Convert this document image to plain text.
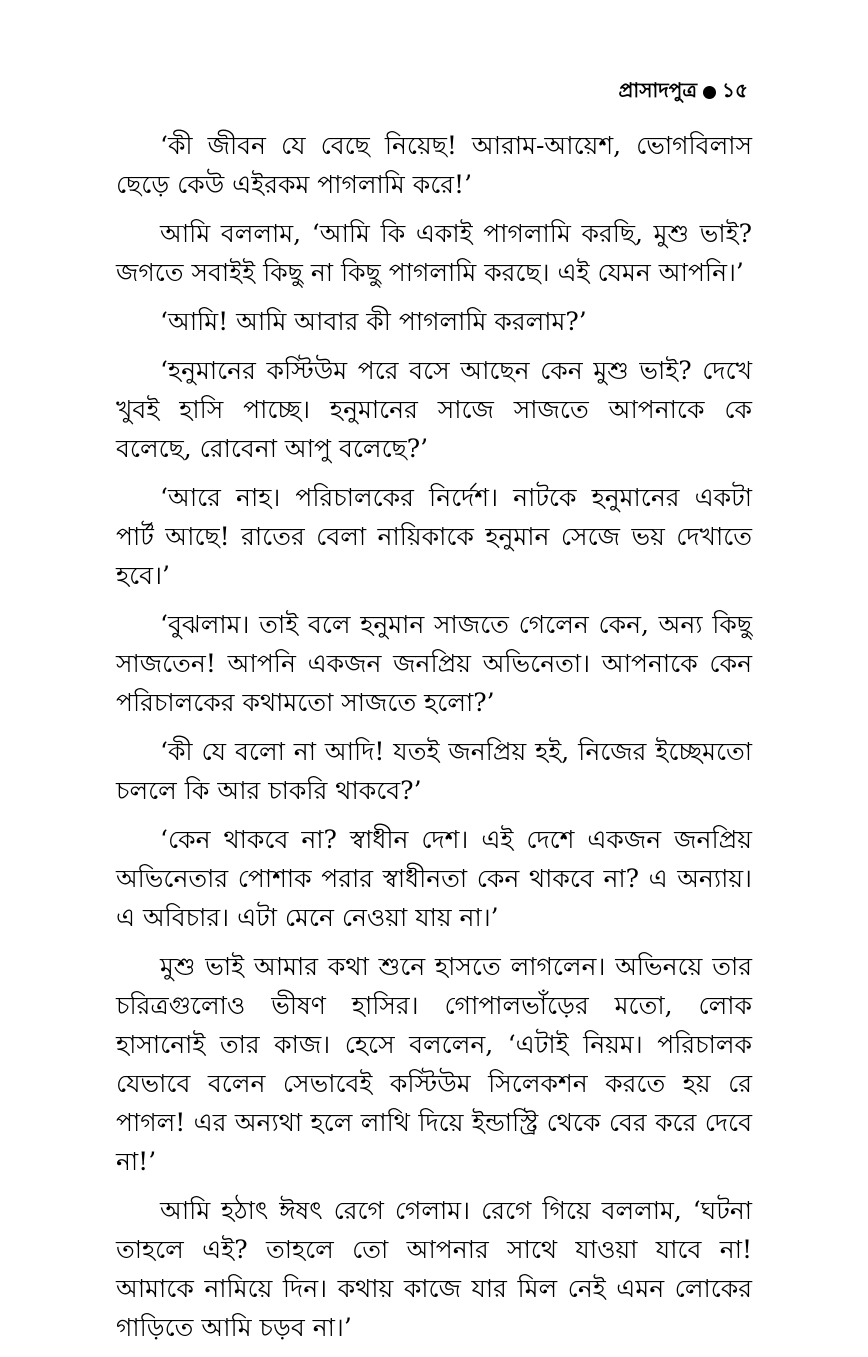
প্রাসাদপুত্র ১৫

‘কী জীবন যে বেছে নিয়েছ! আরাম-আয়েশ, ভোগবিলাস ছেড়ে কেউ এইরকম পাগলামি করে!’

আমি বললাম, ‘আমি কি একাই পাগলামি করছি, মুশু ভাই? জগতে সবাইই কিছু না কিছু পাগলামি করছে। এই যেমন আপনি।’

‘আমি! আমি আবার কী পাগলামি করলাম?’

‘হনুমানের কস্টিউম পরে বসে আছেন কেন মুশু ভাই? দেখে খুবই হাসি পাচ্ছে। হনুমানের সাজে সাজতে আপনাকে কে বলেছে, রোবেনা আপু বলেছে?’

‘আরে নাহ। পরিচালকের নির্দেশ। নাটকে হনুমানের একটা পার্ট আছে! রাতের বেলা নায়িকাকে হনুমান সেজে ভয় দেখাতে হবে।’

‘বুঝলাম। তাই বলে হনুমান সাজতে গেলেন কেন, অন্য কিছু সাজতেন! আপনি একজন জনপ্রিয় অভিনেতা। আপনাকে কেন পরিচালকের কথামতো সাজতে হলো?’

‘কী যে বলো না আদি! যতই জনপ্রিয় হই, নিজের ইচ্ছেমতো চললে কি আর চাকরি থাকবে?’

‘কেন থাকবে না? স্বাধীন দেশ। এই দেশে একজন জনপ্রিয় অভিনেতার পোশাক পরার স্বাধীনতা কেন থাকবে না? এ অন্যায়। এ অবিচার। এটা মেনে নেওয়া যায় না।’

মুশু ভাই আমার কথা শুনে হাসতে লাগলেন। অভিনয়ে তার চরিত্রগুলোও ভীষণ হাসির। গোপালভাঁড়ের মতো, লোক হাসানোই তার কাজ। হেসে বললেন, ‘এটাই নিয়ম। পরিচালক যেভাবে বলেন সেভাবেই কস্টিউম সিলেকশন করতে হয় রে পাগল! এর অন্যথা হলে লাথি দিয়ে ইন্ডাস্ট্রি থেকে বের করে দেবে না!’

আমি হঠাৎ ঈষৎ রেগে গেলাম। রেগে গিয়ে বললাম, ‘ঘটনা তাহলে এই? তাহলে তো আপনার সাথে যাওয়া যাবে না! আমাকে নামিয়ে দিন। কথায় কাজে যার মিল নেই এমন লোকের গাড়িতে আমি চড়ব না।’
